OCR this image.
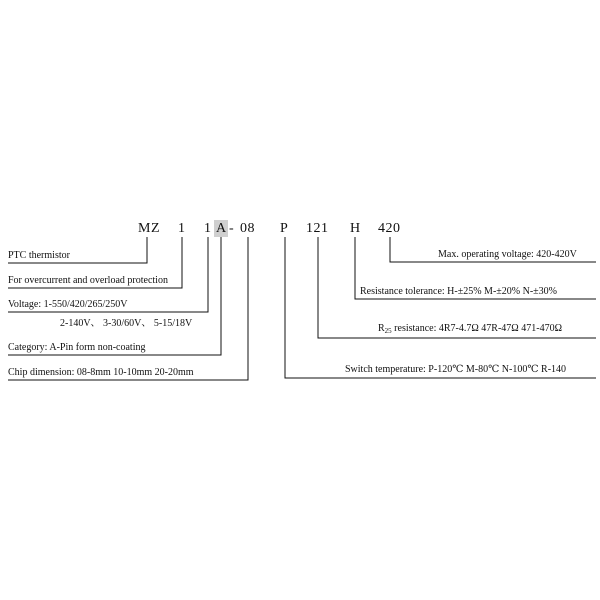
MZ 1 1 A - 08 P 121 H 420
PTC thermistor
For overcurrent and overload protection
Voltage: 1-550/420/265/250V
2-140V、 3-30/60V、 5-15/18V
Category: A-Pin form non-coating
Chip dimension: 08-8mm 10-10mm 20-20mm
Max. operating voltage: 420-420V
Resistance tolerance: H-±25% M-±20% N-±30%
$R_{25}$ resistance: 4R7-4.7Ω 47R-47Ω 471-470Ω
Switch temperature: P-120℃ M-80℃ N-100℃ R-140
